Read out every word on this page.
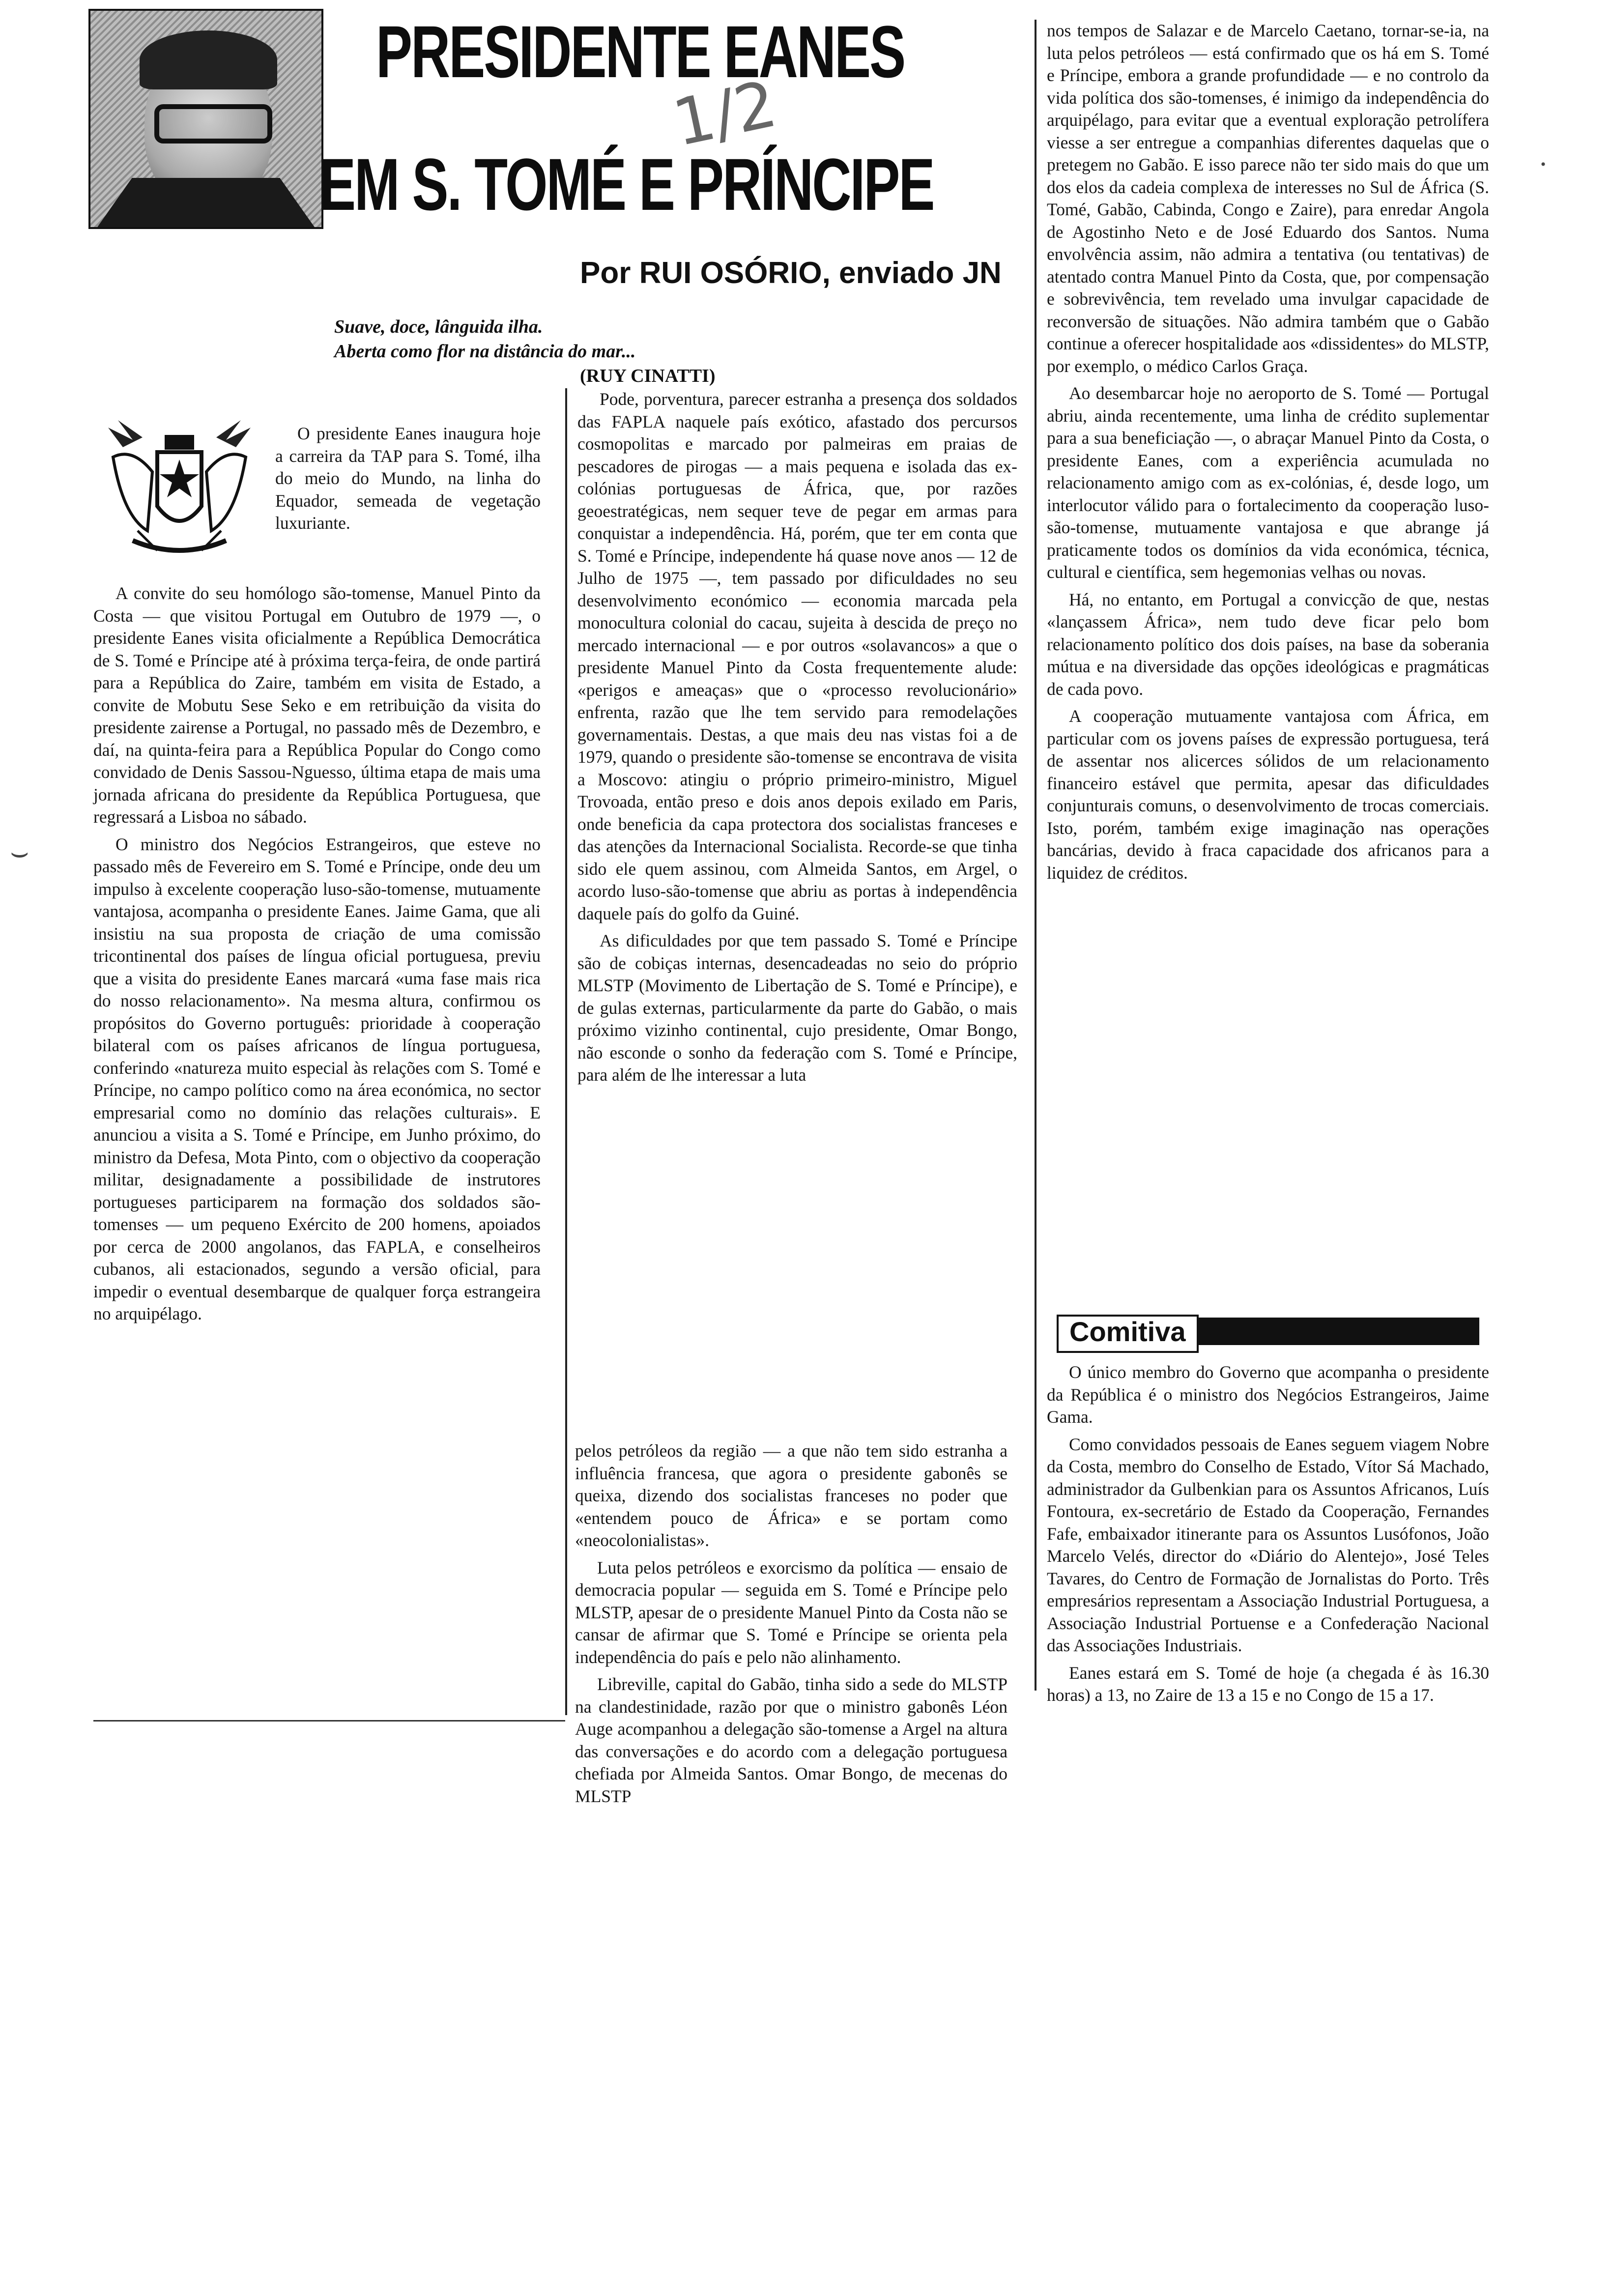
PRESIDENTE EANES
EM S. TOMÉ E PRÍNCIPE
1/2
Por RUI OSÓRIO, enviado JN
Suave, doce, lânguida ilha.
Aberta como flor na distância do mar...
(RUY CINATTI)

O presidente Eanes inaugura hoje a carreira da TAP para S. Tomé, ilha do meio do Mundo, na linha do Equador, semeada de vegetação luxuriante.

A convite do seu homólogo são-tomense, Manuel Pinto da Costa — que visitou Portugal em Outubro de 1979 —, o presidente Eanes visita oficialmente a República Democrática de S. Tomé e Príncipe até à próxima terça-feira, de onde partirá para a República do Zaire, também em visita de Estado, a convite de Mobutu Sese Seko e em retribuição da visita do presidente zairense a Portugal, no passado mês de Dezembro, e daí, na quinta-feira para a República Popular do Congo como convidado de Denis Sassou-Nguesso, última etapa de mais uma jornada africana do presidente da República Portuguesa, que regressará a Lisboa no sábado.

O ministro dos Negócios Estrangeiros, que esteve no passado mês de Fevereiro em S. Tomé e Príncipe, onde deu um impulso à excelente cooperação luso-são-tomense, mutuamente vantajosa, acompanha o presidente Eanes. Jaime Gama, que ali insistiu na sua proposta de criação de uma comissão tricontinental dos países de língua oficial portuguesa, previu que a visita do presidente Eanes marcará «uma fase mais rica do nosso relacionamento». Na mesma altura, confirmou os propósitos do Governo português: prioridade à cooperação bilateral com os países africanos de língua portuguesa, conferindo «natureza muito especial às relações com S. Tomé e Príncipe, no campo político como na área económica, no sector empresarial como no domínio das relações culturais». E anunciou a visita a S. Tomé e Príncipe, em Junho próximo, do ministro da Defesa, Mota Pinto, com o objectivo da cooperação militar, designadamente a possibilidade de instrutores portugueses participarem na formação dos soldados são-tomenses — um pequeno Exército de 200 homens, apoiados por cerca de 2000 angolanos, das FAPLA, e conselheiros cubanos, ali estacionados, segundo a versão oficial, para impedir o eventual desembarque de qualquer força estrangeira no arquipélago.

Pode, porventura, parecer estranha a presença dos soldados das FAPLA naquele país exótico, afastado dos percursos cosmopolitas e marcado por palmeiras em praias de pescadores de pirogas — a mais pequena e isolada das ex-colónias portuguesas de África, que, por razões geoestratégicas, nem sequer teve de pegar em armas para conquistar a independência. Há, porém, que ter em conta que S. Tomé e Príncipe, independente há quase nove anos — 12 de Julho de 1975 —, tem passado por dificuldades no seu desenvolvimento económico — economia marcada pela monocultura colonial do cacau, sujeita à descida de preço no mercado internacional — e por outros «solavancos» a que o presidente Manuel Pinto da Costa frequentemente alude: «perigos e ameaças» que o «processo revolucionário» enfrenta, razão que lhe tem servido para remodelações governamentais. Destas, a que mais deu nas vistas foi a de 1979, quando o presidente são-tomense se encontrava de visita a Moscovo: atingiu o próprio primeiro-ministro, Miguel Trovoada, então preso e dois anos depois exilado em Paris, onde beneficia da capa protectora dos socialistas franceses e das atenções da Internacional Socialista. Recorde-se que tinha sido ele quem assinou, com Almeida Santos, em Argel, o acordo luso-são-tomense que abriu as portas à independência daquele país do golfo da Guiné.

As dificuldades por que tem passado S. Tomé e Príncipe são de cobiças internas, desencadeadas no seio do próprio MLSTP (Movimento de Libertação de S. Tomé e Príncipe), e de gulas externas, particularmente da parte do Gabão, o mais próximo vizinho continental, cujo presidente, Omar Bongo, não esconde o sonho da federação com S. Tomé e Príncipe, para além de lhe interessar a luta

pelos petróleos da região — a que não tem sido estranha a influência francesa, que agora o presidente gabonês se queixa, dizendo dos socialistas franceses no poder que «entendem pouco de África» e se portam como «neocolonialistas».

Luta pelos petróleos e exorcismo da política — ensaio de democracia popular — seguida em S. Tomé e Príncipe pelo MLSTP, apesar de o presidente Manuel Pinto da Costa não se cansar de afirmar que S. Tomé e Príncipe se orienta pela independência do país e pelo não alinhamento.

Libreville, capital do Gabão, tinha sido a sede do MLSTP na clandestinidade, razão por que o ministro gabonês Léon Auge acompanhou a delegação são-tomense a Argel na altura das conversações e do acordo com a delegação portuguesa chefiada por Almeida Santos. Omar Bongo, de mecenas do MLSTP

nos tempos de Salazar e de Marcelo Caetano, tornar-se-ia, na luta pelos petróleos — está confirmado que os há em S. Tomé e Príncipe, embora a grande profundidade — e no controlo da vida política dos são-tomenses, é inimigo da independência do arquipélago, para evitar que a eventual exploração petrolífera viesse a ser entregue a companhias diferentes daquelas que o pretegem no Gabão. E isso parece não ter sido mais do que um dos elos da cadeia complexa de interesses no Sul de África (S. Tomé, Gabão, Cabinda, Congo e Zaire), para enredar Angola de Agostinho Neto e de José Eduardo dos Santos. Numa envolvência assim, não admira a tentativa (ou tentativas) de atentado contra Manuel Pinto da Costa, que, por compensação e sobrevivência, tem revelado uma invulgar capacidade de reconversão de situações. Não admira também que o Gabão continue a oferecer hospitalidade aos «dissidentes» do MLSTP, por exemplo, o médico Carlos Graça.

Ao desembarcar hoje no aeroporto de S. Tomé — Portugal abriu, ainda recentemente, uma linha de crédito suplementar para a sua beneficiação —, o abraçar Manuel Pinto da Costa, o presidente Eanes, com a experiência acumulada no relacionamento amigo com as ex-colónias, é, desde logo, um interlocutor válido para o fortalecimento da cooperação luso-são-tomense, mutuamente vantajosa e que abrange já praticamente todos os domínios da vida económica, técnica, cultural e científica, sem hegemonias velhas ou novas.

Há, no entanto, em Portugal a convicção de que, nestas «lançassem África», nem tudo deve ficar pelo bom relacionamento político dos dois países, na base da soberania mútua e na diversidade das opções ideológicas e pragmáticas de cada povo.

A cooperação mutuamente vantajosa com África, em particular com os jovens países de expressão portuguesa, terá de assentar nos alicerces sólidos de um relacionamento financeiro estável que permita, apesar das dificuldades conjunturais comuns, o desenvolvimento de trocas comerciais. Isto, porém, também exige imaginação nas operações bancárias, devido à fraca capacidade dos africanos para a liquidez de créditos.

Comitiva

O único membro do Governo que acompanha o presidente da República é o ministro dos Negócios Estrangeiros, Jaime Gama.

Como convidados pessoais de Eanes seguem viagem Nobre da Costa, membro do Conselho de Estado, Vítor Sá Machado, administrador da Gulbenkian para os Assuntos Africanos, Luís Fontoura, ex-secretário de Estado da Cooperação, Fernandes Fafe, embaixador itinerante para os Assuntos Lusófonos, João Marcelo Velés, director do «Diário do Alentejo», José Teles Tavares, do Centro de Formação de Jornalistas do Porto. Três empresários representam a Associação Industrial Portuguesa, a Associação Industrial Portuense e a Confederação Nacional das Associações Industriais.

Eanes estará em S. Tomé de hoje (a chegada é às 16.30 horas) a 13, no Zaire de 13 a 15 e no Congo de 15 a 17.

⌣
·
